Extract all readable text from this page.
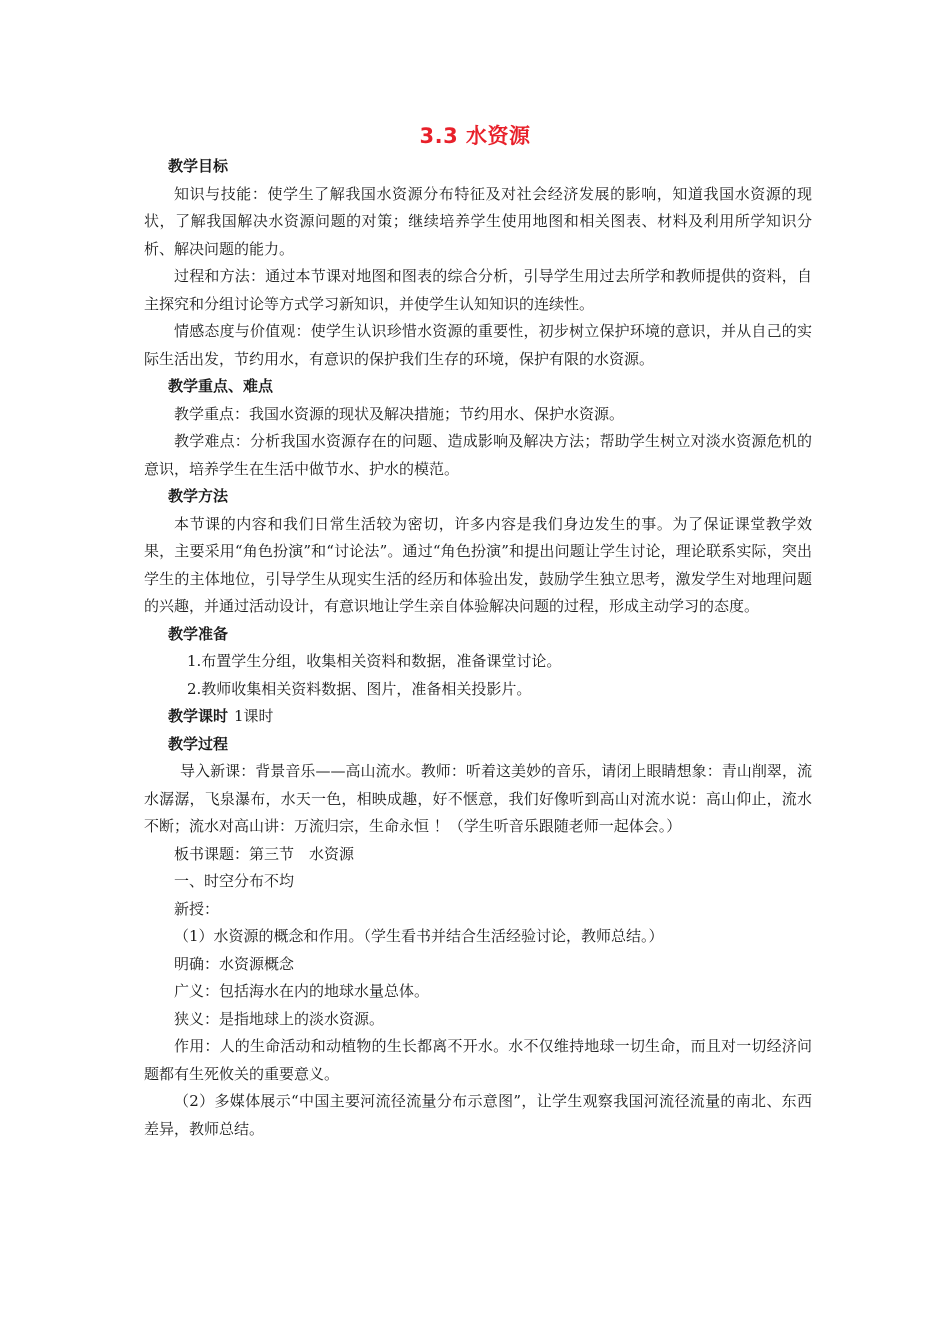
3.3 水资源

教学目标

知识与技能：使学生了解我国水资源分布特征及对社会经济发展的影响，知道我国水资源的现状，了解我国解决水资源问题的对策；继续培养学生使用地图和相关图表、材料及利用所学知识分析、解决问题的能力。

过程和方法：通过本节课对地图和图表的综合分析，引导学生用过去所学和教师提供的资料，自主探究和分组讨论等方式学习新知识，并使学生认知知识的连续性。

情感态度与价值观：使学生认识珍惜水资源的重要性，初步树立保护环境的意识，并从自己的实际生活出发，节约用水，有意识的保护我们生存的环境，保护有限的水资源。

教学重点、难点

教学重点：我国水资源的现状及解决措施；节约用水、保护水资源。

教学难点：分析我国水资源存在的问题、造成影响及解决方法；帮助学生树立对淡水资源危机的意识，培养学生在生活中做节水、护水的模范。

教学方法

本节课的内容和我们日常生活较为密切，许多内容是我们身边发生的事。为了保证课堂教学效果，主要采用“角色扮演”和“讨论法”。通过“角色扮演”和提出问题让学生讨论，理论联系实际，突出学生的主体地位，引导学生从现实生活的经历和体验出发，鼓励学生独立思考，激发学生对地理问题的兴趣，并通过活动设计，有意识地让学生亲自体验解决问题的过程，形成主动学习的态度。

教学准备

1.布置学生分组，收集相关资料和数据，准备课堂讨论。

2.教师收集相关资料数据、图片，准备相关投影片。

教学课时 1课时

教学过程

导入新课：背景音乐——高山流水。教师：听着这美妙的音乐，请闭上眼睛想象：青山削翠，流水潺潺，飞泉瀑布，水天一色，相映成趣，好不惬意，我们好像听到高山对流水说：高山仰止，流水不断；流水对高山讲：万流归宗，生命永恒 ！（学生听音乐跟随老师一起体会。）

板书课题：第三节　水资源

一、时空分布不均

新授：

（1）水资源的概念和作用。（学生看书并结合生活经验讨论，教师总结。）

明确：水资源概念

广义：包括海水在内的地球水量总体。

狭义：是指地球上的淡水资源。

作用：人的生命活动和动植物的生长都离不开水。水不仅维持地球一切生命，而且对一切经济问题都有生死攸关的重要意义。

（2）多媒体展示“中国主要河流径流量分布示意图”，让学生观察我国河流径流量的南北、东西差异，教师总结。
